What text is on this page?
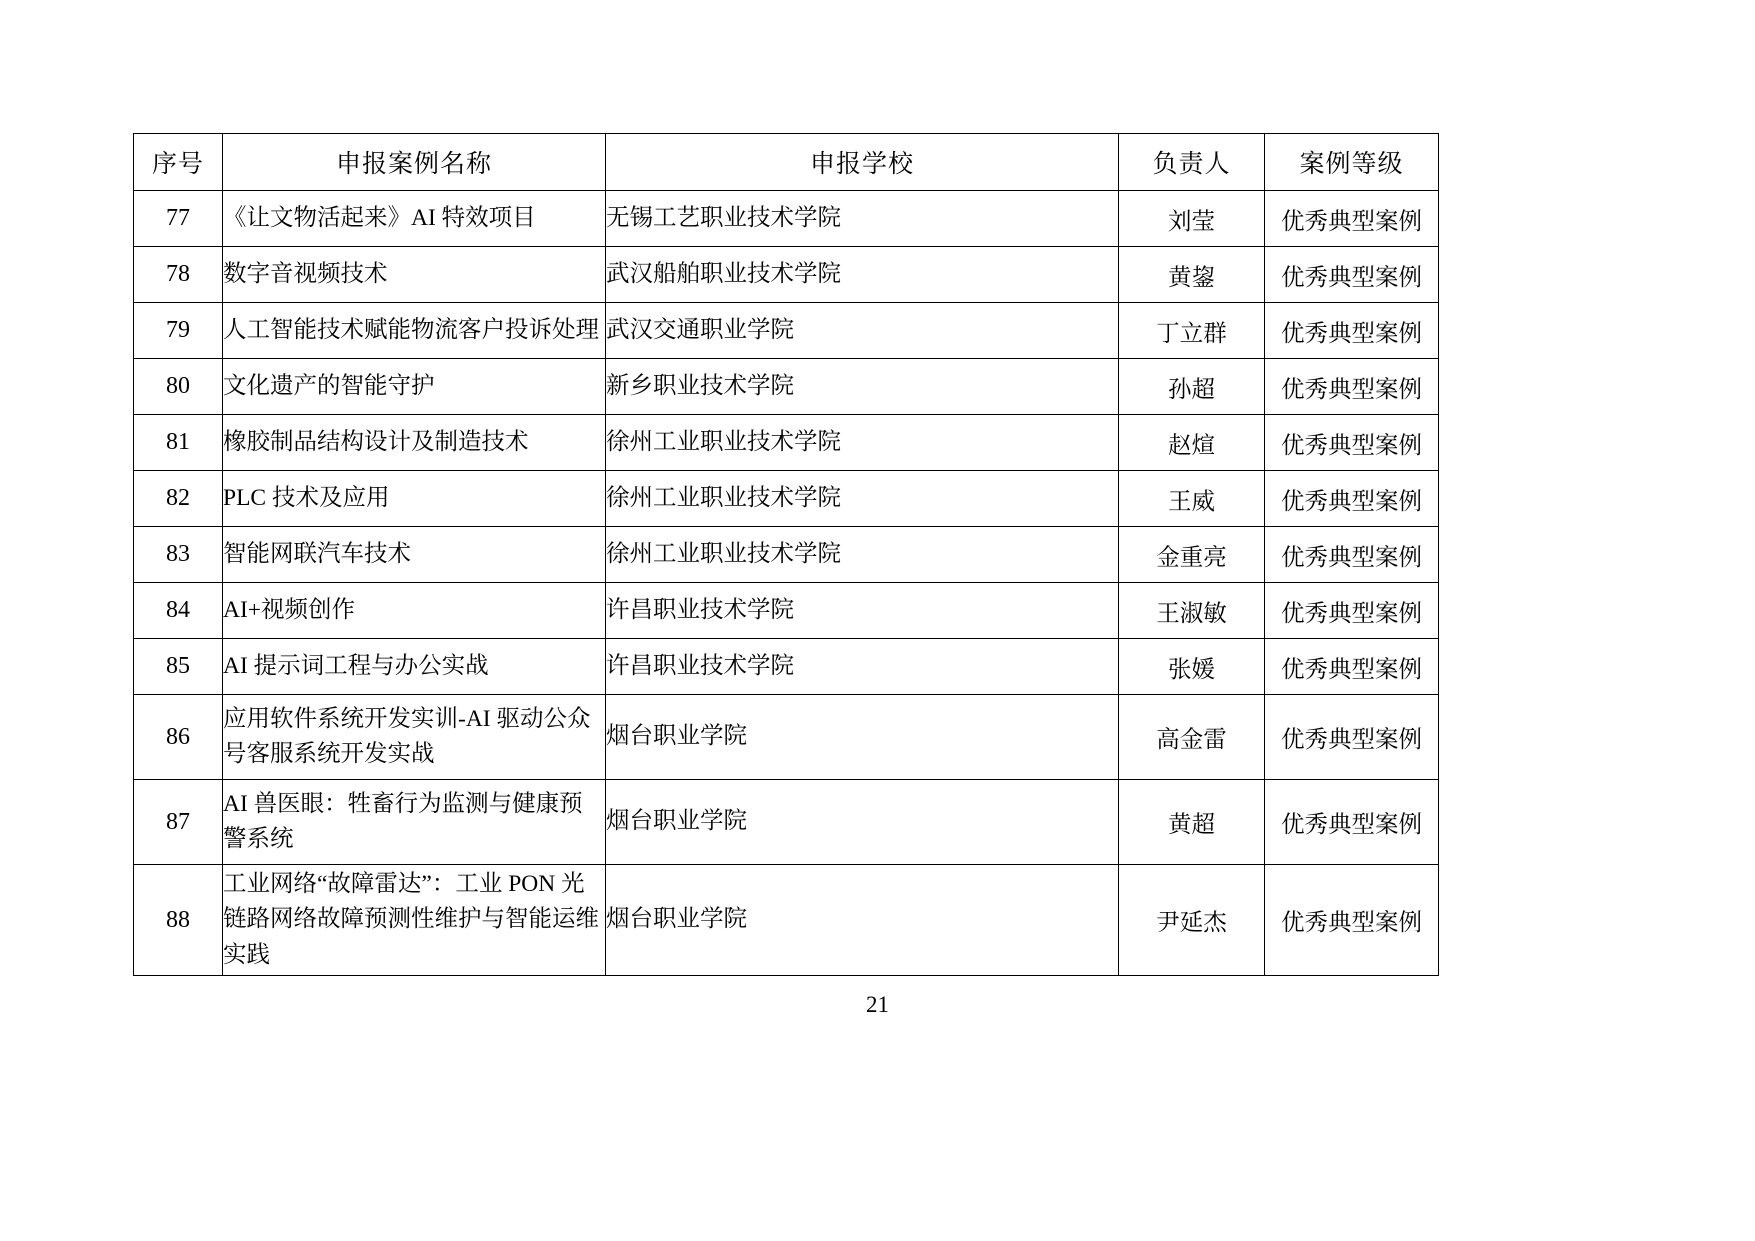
序号	申报案例名称	申报学校	负责人	案例等级
77	《让文物活起来》AI 特效项目	无锡工艺职业技术学院	刘莹	优秀典型案例
78	数字音视频技术	武汉船舶职业技术学院	黄鋆	优秀典型案例
79	人工智能技术赋能物流客户投诉处理	武汉交通职业学院	丁立群	优秀典型案例
80	文化遗产的智能守护	新乡职业技术学院	孙超	优秀典型案例
81	橡胶制品结构设计及制造技术	徐州工业职业技术学院	赵煊	优秀典型案例
82	PLC 技术及应用	徐州工业职业技术学院	王威	优秀典型案例
83	智能网联汽车技术	徐州工业职业技术学院	金重亮	优秀典型案例
84	AI+视频创作	许昌职业技术学院	王淑敏	优秀典型案例
85	AI 提示词工程与办公实战	许昌职业技术学院	张媛	优秀典型案例
86	应用软件系统开发实训-AI 驱动公众号客服系统开发实战	烟台职业学院	高金雷	优秀典型案例
87	AI 兽医眼：牲畜行为监测与健康预警系统	烟台职业学院	黄超	优秀典型案例
88	工业网络“故障雷达”：工业 PON 光链路网络故障预测性维护与智能运维实践	烟台职业学院	尹延杰	优秀典型案例
21
